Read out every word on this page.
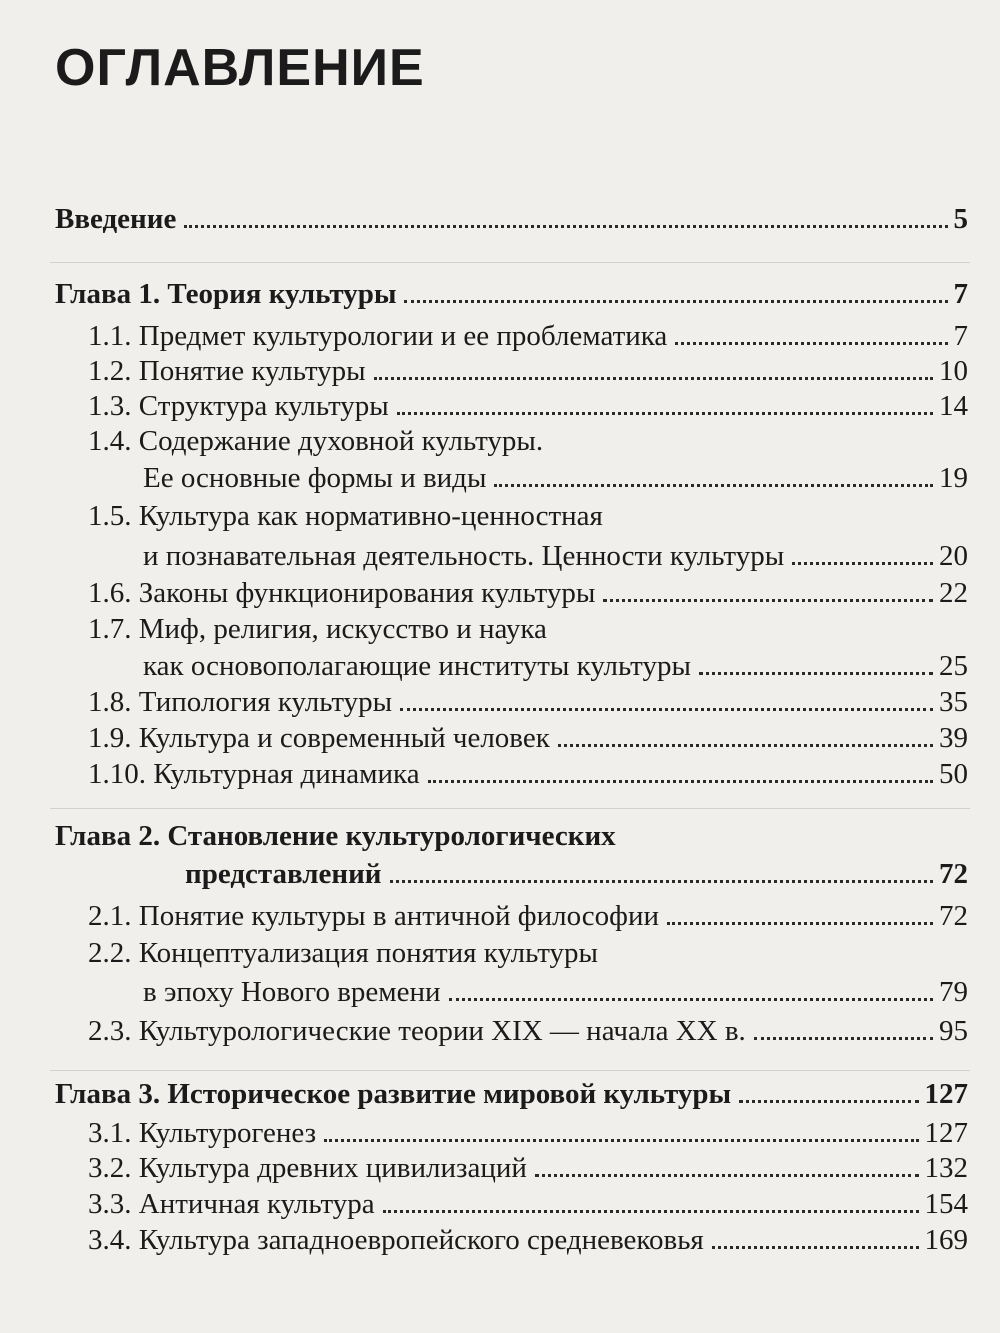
ОГЛАВЛЕНИЕ
Введение	5
Глава 1. Теория культуры	7
1.1. Предмет культурологии и ее проблематика	7
1.2. Понятие культуры	10
1.3. Структура культуры	14
1.4. Содержание духовной культуры.
Ее основные формы и виды	19
1.5. Культура как нормативно-ценностная
и познавательная деятельность. Ценности культуры	20
1.6. Законы функционирования культуры	22
1.7. Миф, религия, искусство и наука
как основополагающие институты культуры	25
1.8. Типология культуры	35
1.9. Культура и современный человек	39
1.10. Культурная динамика	50
Глава 2. Становление культурологических
представлений	72
2.1. Понятие культуры в античной философии	72
2.2. Концептуализация понятия культуры
в эпоху Нового времени	79
2.3. Культурологические теории XIX — начала XX в.	95
Глава 3. Историческое развитие мировой культуры	127
3.1. Культурогенез	127
3.2. Культура древних цивилизаций	132
3.3. Античная культура	154
3.4. Культура западноевропейского средневековья	169
